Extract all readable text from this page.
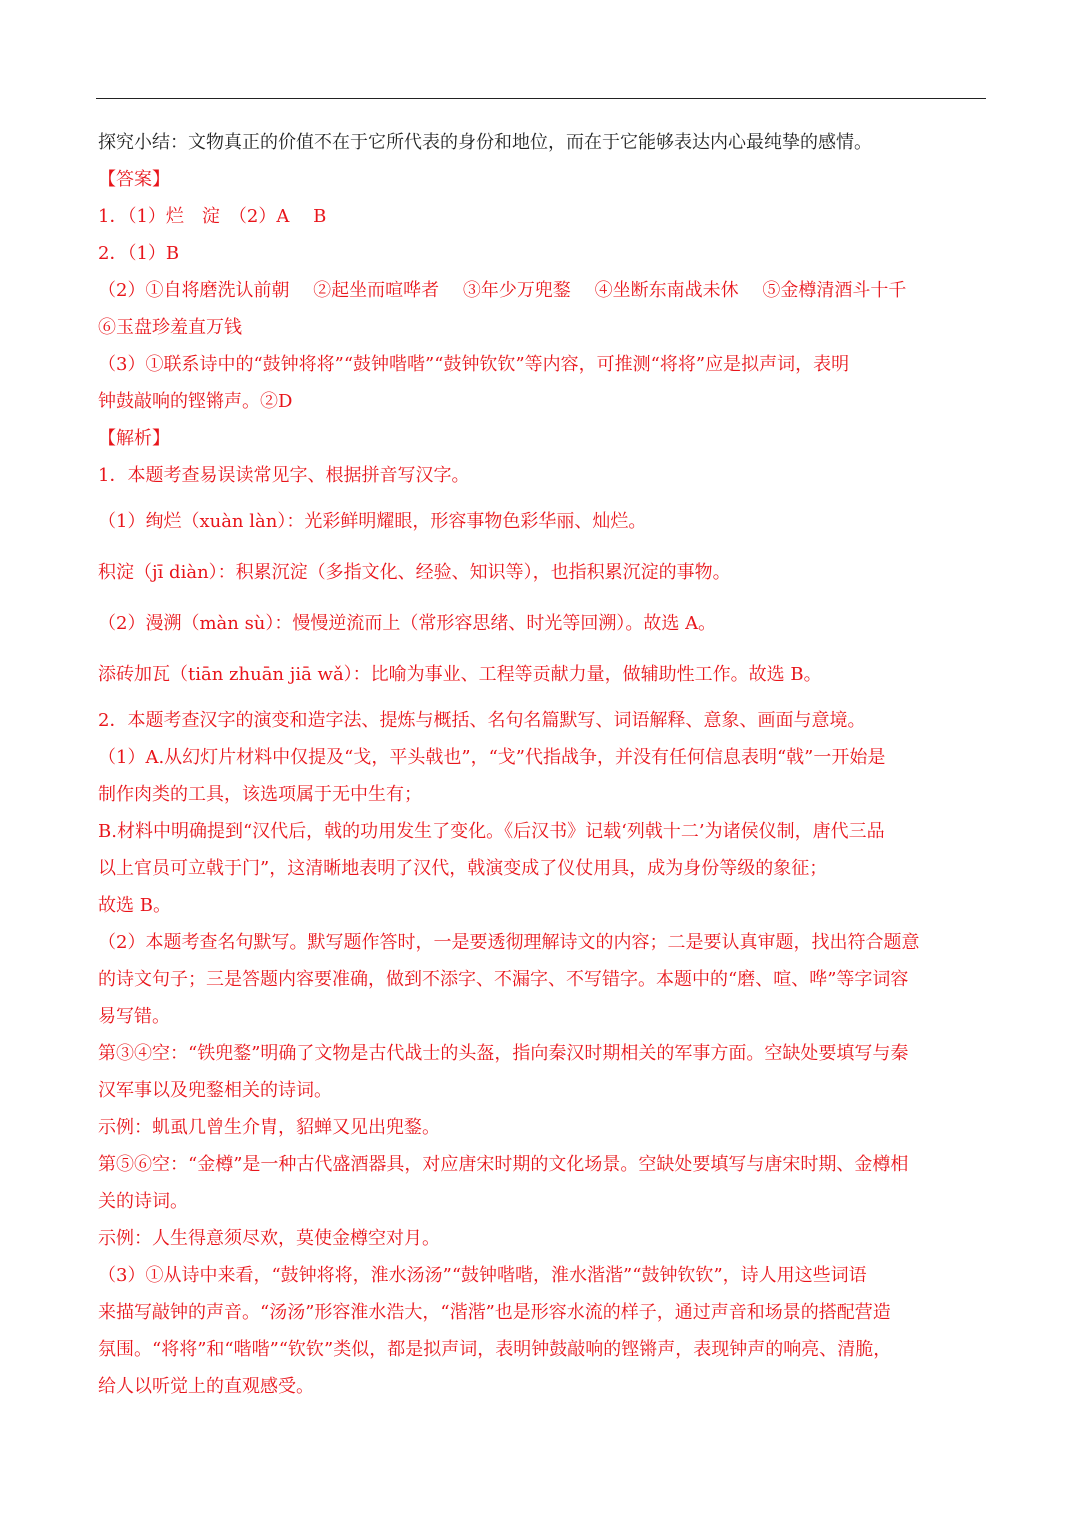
探究小结：文物真正的价值不在于它所代表的身份和地位，而在于它能够表达内心最纯挚的感情。
【答案】
1．（1）烂　淀　（2）A　 B
2．（1）B
（2）①自将磨洗认前朝　 ②起坐而喧哗者　 ③年少万兜鍪　 ④坐断东南战未休　 ⑤金樽清酒斗十千
⑥玉盘珍羞直万钱
（3）①联系诗中的“鼓钟将将”“鼓钟喈喈”“鼓钟钦钦”等内容，可推测“将将”应是拟声词，表明
钟鼓敲响的铿锵声。②D
【解析】
1．本题考查易误读常见字、根据拼音写汉字。
（1）绚烂（xuàn làn）：光彩鲜明耀眼，形容事物色彩华丽、灿烂。
积淀（jī diàn）：积累沉淀（多指文化、经验、知识等），也指积累沉淀的事物。
（2）漫溯（màn sù）：慢慢逆流而上（常形容思绪、时光等回溯）。故选 A。
添砖加瓦（tiān zhuān jiā wǎ）：比喻为事业、工程等贡献力量，做辅助性工作。故选 B。
2．本题考查汉字的演变和造字法、提炼与概括、名句名篇默写、词语解释、意象、画面与意境。
（1）A.从幻灯片材料中仅提及“戈，平头戟也”，“戈”代指战争，并没有任何信息表明“戟”一开始是
制作肉类的工具，该选项属于无中生有；
B.材料中明确提到“汉代后，戟的功用发生了变化。《后汉书》记载‘列戟十二’为诸侯仪制，唐代三品
以上官员可立戟于门”，这清晰地表明了汉代，戟演变成了仪仗用具，成为身份等级的象征；
故选 B。
（2）本题考查名句默写。默写题作答时，一是要透彻理解诗文的内容；二是要认真审题，找出符合题意
的诗文句子；三是答题内容要准确，做到不添字、不漏字、不写错字。本题中的“磨、喧、哗”等字词容
易写错。
第③④空：“铁兜鍪”明确了文物是古代战士的头盔，指向秦汉时期相关的军事方面。空缺处要填写与秦
汉军事以及兜鍪相关的诗词。
示例：虮虱几曾生介胄，貂蝉又见出兜鍪。
第⑤⑥空：“金樽”是一种古代盛酒器具，对应唐宋时期的文化场景。空缺处要填写与唐宋时期、金樽相
关的诗词。
示例：人生得意须尽欢，莫使金樽空对月。
（3）①从诗中来看，“鼓钟将将，淮水汤汤”“鼓钟喈喈，淮水湝湝”“鼓钟钦钦”，诗人用这些词语
来描写敲钟的声音。“汤汤”形容淮水浩大，“湝湝”也是形容水流的样子，通过声音和场景的搭配营造
氛围。“将将”和“喈喈”“钦钦”类似，都是拟声词，表明钟鼓敲响的铿锵声，表现钟声的响亮、清脆，
给人以听觉上的直观感受。
